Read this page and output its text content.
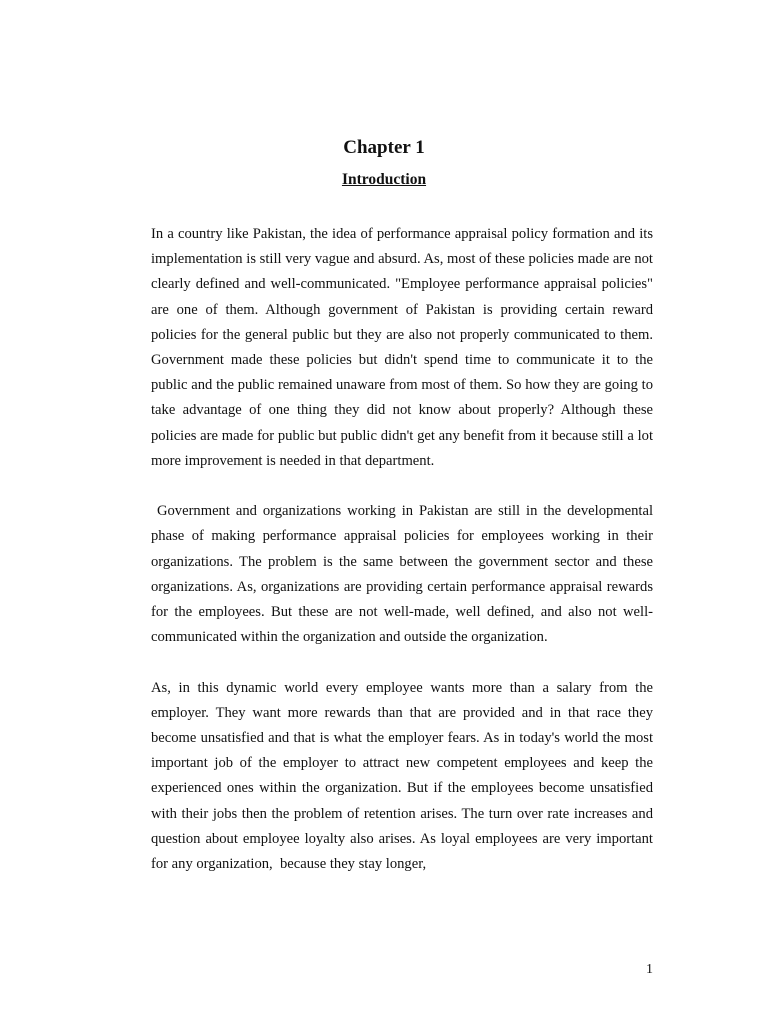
Chapter 1
Introduction

In a country like Pakistan, the idea of performance appraisal policy formation and its implementation is still very vague and absurd. As, most of these policies made are not clearly defined and well-communicated. "Employee performance appraisal policies" are one of them. Although government of Pakistan is providing certain reward policies for the general public but they are also not properly communicated to them. Government made these policies but didn't spend time to communicate it to the public and the public remained unaware from most of them. So how they are going to take advantage of one thing they did not know about properly? Although these policies are made for public but public didn't get any benefit from it because still a lot more improvement is needed in that department.

Government and organizations working in Pakistan are still in the developmental phase of making performance appraisal policies for employees working in their organizations. The problem is the same between the government sector and these organizations. As, organizations are providing certain performance appraisal rewards for the employees. But these are not well-made, well defined, and also not well-communicated within the organization and outside the organization.

As, in this dynamic world every employee wants more than a salary from the employer. They want more rewards than that are provided and in that race they become unsatisfied and that is what the employer fears. As in today's world the most important job of the employer to attract new competent employees and keep the experienced ones within the organization. But if the employees become unsatisfied with their jobs then the problem of retention arises. The turn over rate increases and question about employee loyalty also arises. As loyal employees are very important for any organization,  because they stay longer,

1
